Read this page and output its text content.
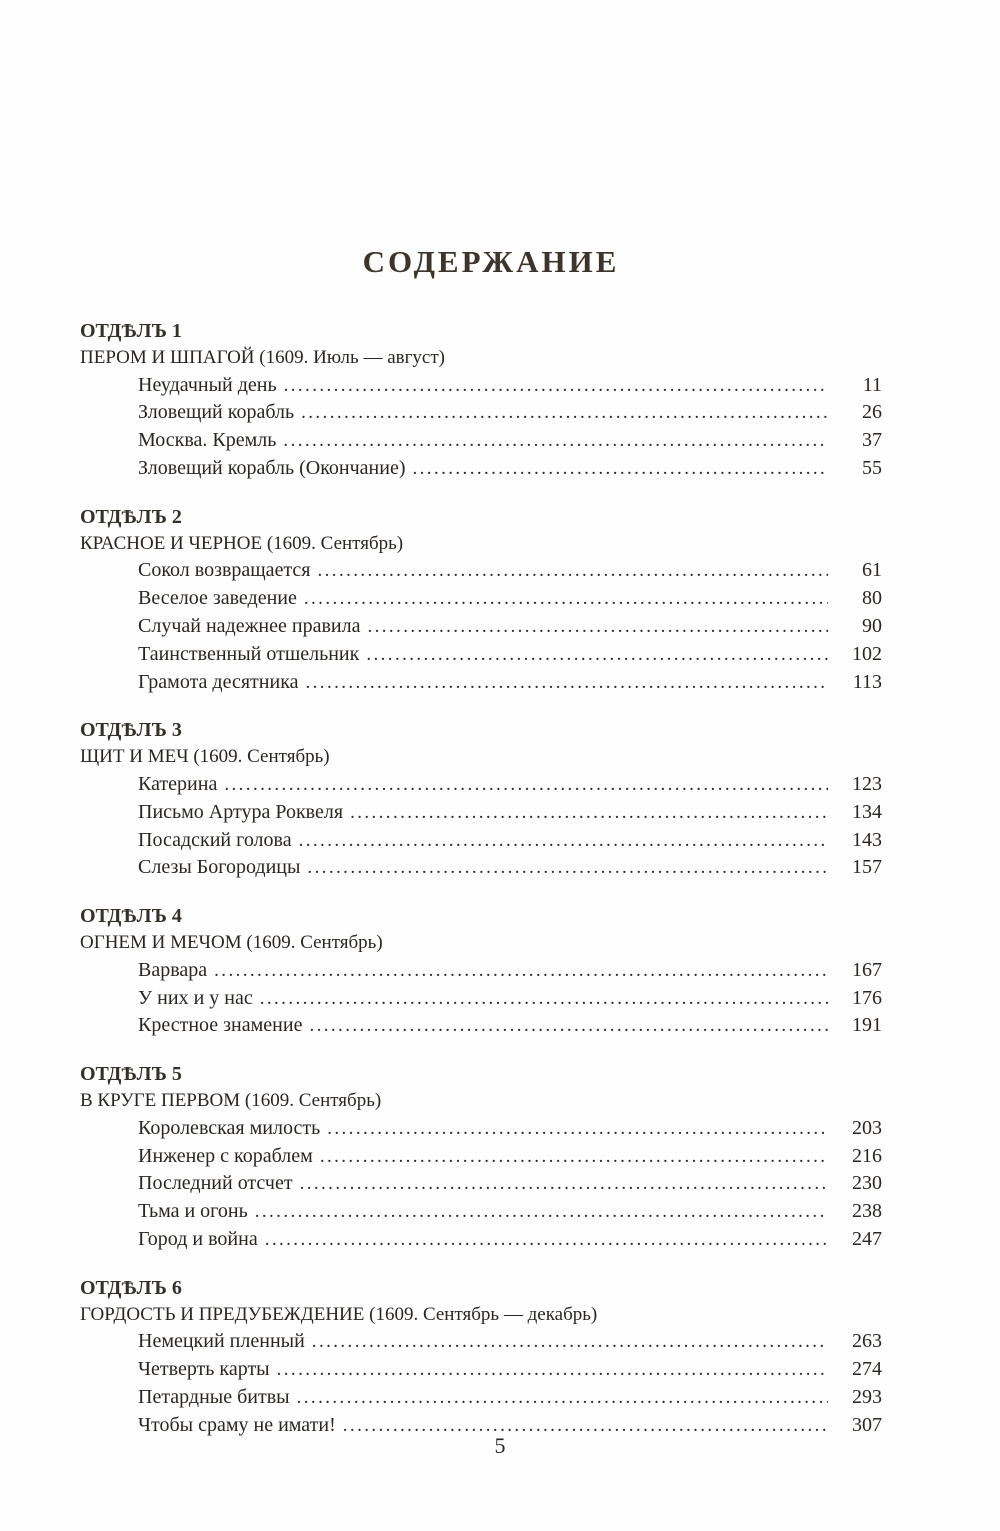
СОДЕРЖАНИЕ
ОТДѢЛЪ 1
ПЕРОМ И ШПАГОЙ (1609. Июль — август)
Неудачный день .....	11
Зловещий корабль .....	26
Москва. Кремль .....	37
Зловещий корабль (Окончание) .....	55
ОТДѢЛЪ 2
КРАСНОЕ И ЧЕРНОЕ (1609. Сентябрь)
Сокол возвращается .....	61
Веселое заведение .....	80
Случай надежнее правила .....	90
Таинственный отшельник .....	102
Грамота десятника .....	113
ОТДѢЛЪ 3
ЩИТ И МЕЧ (1609. Сентябрь)
Катерина .....	123
Письмо Артура Роквеля .....	134
Посадский голова .....	143
Слезы Богородицы .....	157
ОТДѢЛЪ 4
ОГНЕМ И МЕЧОМ (1609. Сентябрь)
Варвара .....	167
У них и у нас .....	176
Крестное знамение .....	191
ОТДѢЛЪ 5
В КРУГЕ ПЕРВОМ (1609. Сентябрь)
Королевская милость .....	203
Инженер с кораблем .....	216
Последний отсчет .....	230
Тьма и огонь .....	238
Город и война .....	247
ОТДѢЛЪ 6
ГОРДОСТЬ И ПРЕДУБЕЖДЕНИЕ (1609. Сентябрь — декабрь)
Немецкий пленный .....	263
Четверть карты .....	274
Петардные битвы .....	293
Чтобы сраму не имати! .....	307
5
